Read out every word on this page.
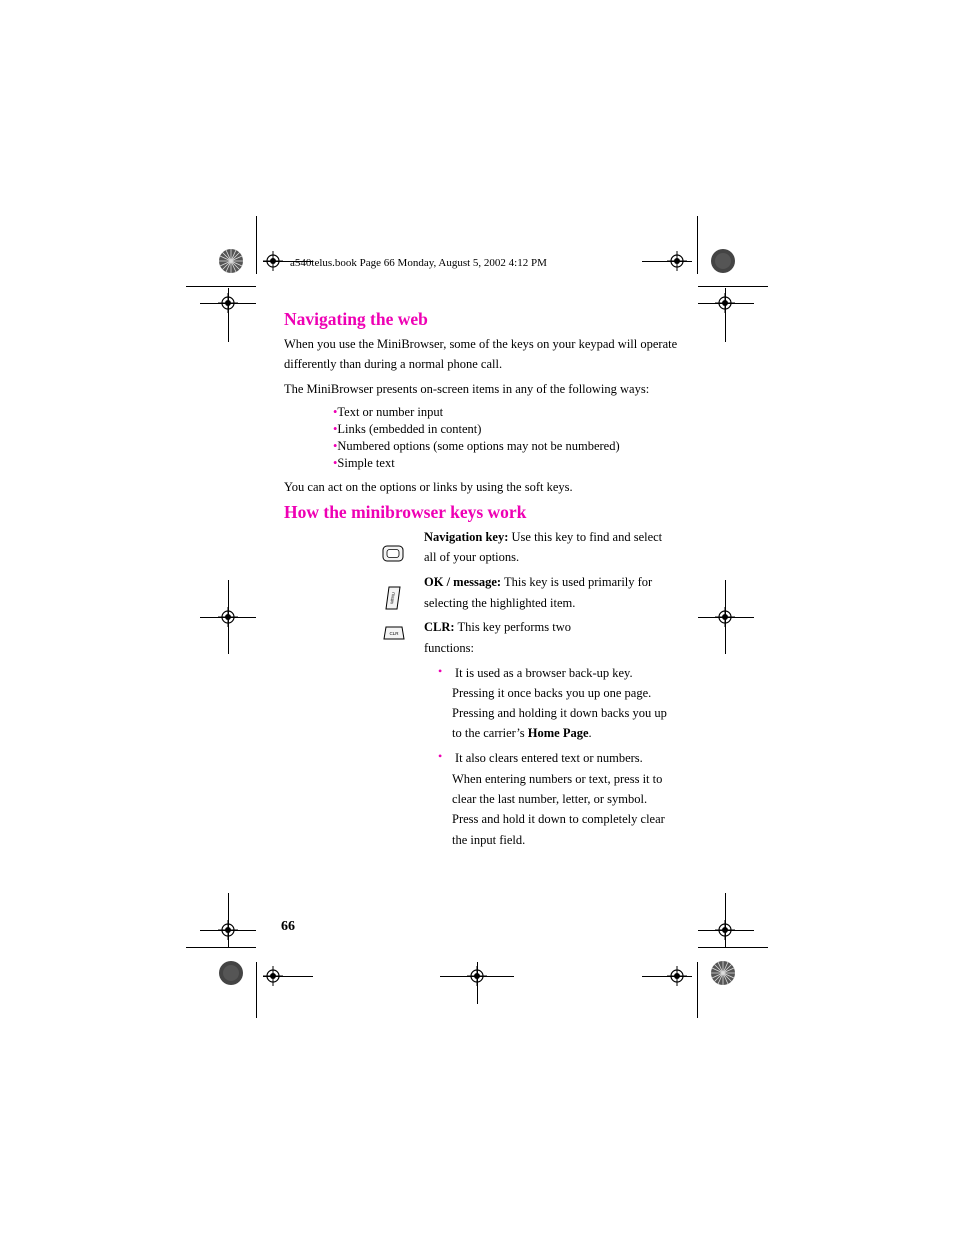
a540telus.book Page 66 Monday, August 5, 2002 4:12 PM
Navigating the web
When you use the MiniBrowser, some of the keys on your keypad will operate
differently than during a normal phone call.
The MiniBrowser presents on-screen items in any of the following ways:
•Text or number input
•Links (embedded in content)
•Numbered options (some options may not be numbered)
•Simple text
You can act on the options or links by using the soft keys.
How the minibrowser keys work
Navigation key: Use this key to find and select
all of your options.
MENU
OK / message: This key is used primarily for
selecting the highlighted item.
CLR CLR: This key performs two
functions:
• It is used as a browser back-up key.
Pressing it once backs you up one page.
Pressing and holding it down backs you up
to the carrier’s Home Page.
• It also clears entered text or numbers.
When entering numbers or text, press it to
clear the last number, letter, or symbol.
Press and hold it down to completely clear
the input field.
66
